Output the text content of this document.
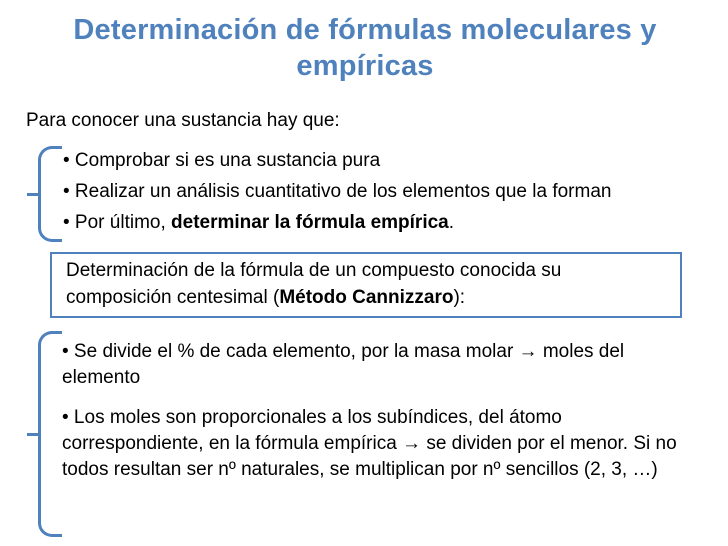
Determinación de fórmulas moleculares y empíricas
Para conocer una sustancia hay que:
• Comprobar si es una sustancia pura
• Realizar un análisis cuantitativo de los elementos que la forman
• Por último, determinar la fórmula empírica.
Determinación de la fórmula de un compuesto conocida su composición centesimal (Método Cannizzaro):
• Se divide el % de cada elemento, por la masa molar → moles del elemento
• Los moles son proporcionales a los subíndices, del átomo correspondiente, en la fórmula empírica → se dividen por el menor. Si no todos resultan ser nº naturales, se multiplican por nº sencillos (2, 3, …)
